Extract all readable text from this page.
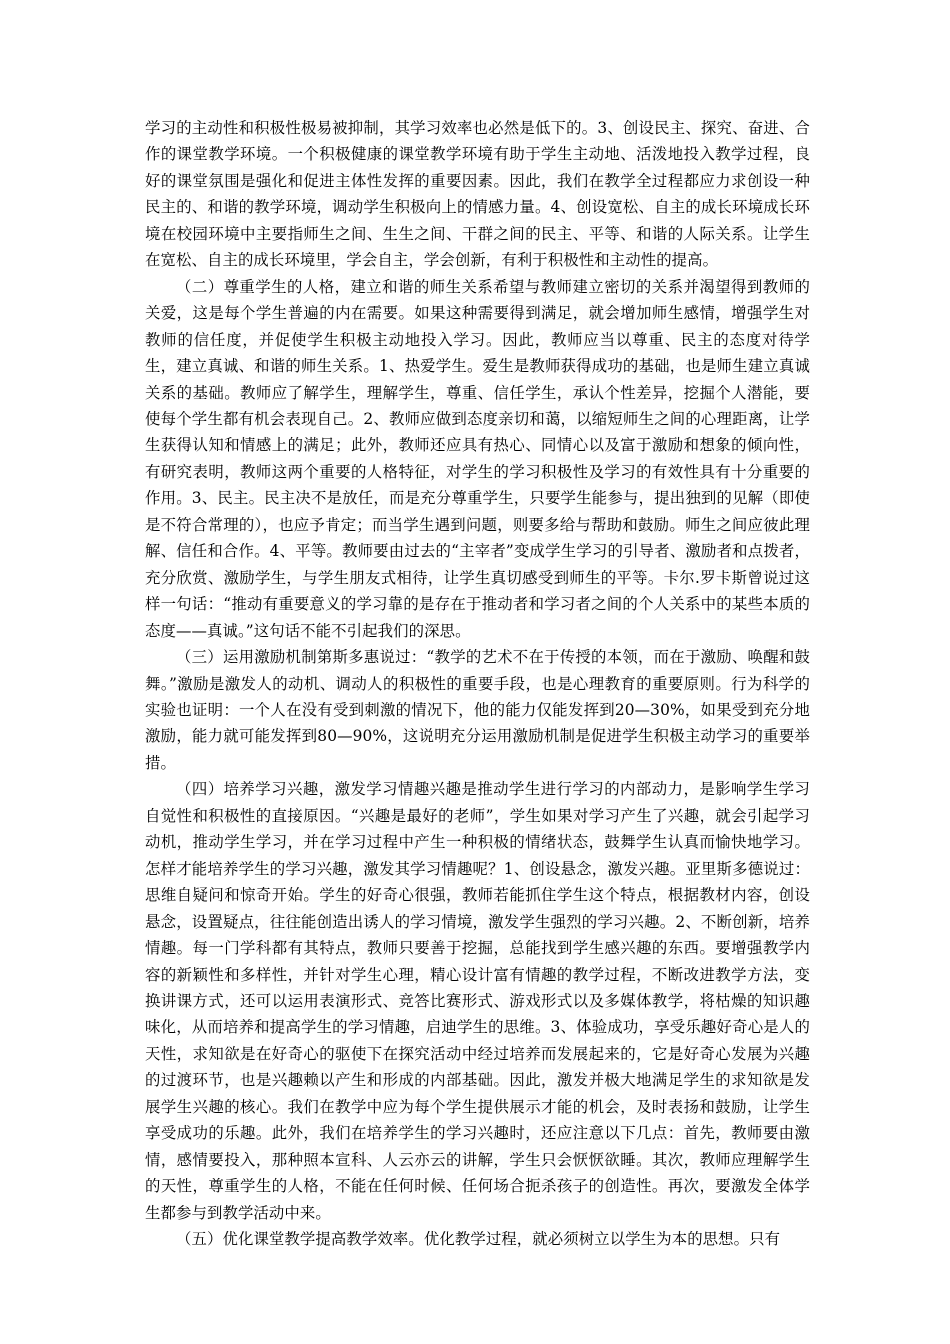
学习的主动性和积极性极易被抑制，其学习效率也必然是低下的。3、创设民主、探究、奋进、合作的课堂教学环境。一个积极健康的课堂教学环境有助于学生主动地、活泼地投入教学过程，良好的课堂氛围是强化和促进主体性发挥的重要因素。因此，我们在教学全过程都应力求创设一种民主的、和谐的教学环境，调动学生积极向上的情感力量。4、创设宽松、自主的成长环境成长环境在校园环境中主要指师生之间、生生之间、干群之间的民主、平等、和谐的人际关系。让学生在宽松、自主的成长环境里，学会自主，学会创新，有利于积极性和主动性的提高。

（二）尊重学生的人格，建立和谐的师生关系希望与教师建立密切的关系并渴望得到教师的关爱，这是每个学生普遍的内在需要。如果这种需要得到满足，就会增加师生感情，增强学生对教师的信任度，并促使学生积极主动地投入学习。因此，教师应当以尊重、民主的态度对待学生，建立真诚、和谐的师生关系。1、热爱学生。爱生是教师获得成功的基础，也是师生建立真诚关系的基础。教师应了解学生，理解学生，尊重、信任学生，承认个性差异，挖掘个人潜能，要使每个学生都有机会表现自己。2、教师应做到态度亲切和蔼，以缩短师生之间的心理距离，让学生获得认知和情感上的满足；此外，教师还应具有热心、同情心以及富于激励和想象的倾向性，有研究表明，教师这两个重要的人格特征，对学生的学习积极性及学习的有效性具有十分重要的作用。3、民主。民主决不是放任，而是充分尊重学生，只要学生能参与，提出独到的见解（即使是不符合常理的），也应予肯定；而当学生遇到问题，则要多给与帮助和鼓励。师生之间应彼此理解、信任和合作。4、平等。教师要由过去的“主宰者”变成学生学习的引导者、激励者和点拨者，充分欣赏、激励学生，与学生朋友式相待，让学生真切感受到师生的平等。卡尔.罗卡斯曾说过这样一句话：“推动有重要意义的学习靠的是存在于推动者和学习者之间的个人关系中的某些本质的态度——真诚。”这句话不能不引起我们的深思。

（三）运用激励机制第斯多惠说过：“教学的艺术不在于传授的本领，而在于激励、唤醒和鼓舞。”激励是激发人的动机、调动人的积极性的重要手段，也是心理教育的重要原则。行为科学的实验也证明：一个人在没有受到刺激的情况下，他的能力仅能发挥到20—30%，如果受到充分地激励，能力就可能发挥到80—90%，这说明充分运用激励机制是促进学生积极主动学习的重要举措。

（四）培养学习兴趣，激发学习情趣兴趣是推动学生进行学习的内部动力，是影响学生学习自觉性和积极性的直接原因。“兴趣是最好的老师”，学生如果对学习产生了兴趣，就会引起学习动机，推动学生学习，并在学习过程中产生一种积极的情绪状态，鼓舞学生认真而愉快地学习。怎样才能培养学生的学习兴趣，激发其学习情趣呢？1、创设悬念，激发兴趣。亚里斯多德说过：思维自疑问和惊奇开始。学生的好奇心很强，教师若能抓住学生这个特点，根据教材内容，创设悬念，设置疑点，往往能创造出诱人的学习情境，激发学生强烈的学习兴趣。2、不断创新，培养情趣。每一门学科都有其特点，教师只要善于挖掘，总能找到学生感兴趣的东西。要增强教学内容的新颖性和多样性，并针对学生心理，精心设计富有情趣的教学过程，不断改进教学方法，变换讲课方式，还可以运用表演形式、竞答比赛形式、游戏形式以及多媒体教学，将枯燥的知识趣味化，从而培养和提高学生的学习情趣，启迪学生的思维。3、体验成功，享受乐趣好奇心是人的天性，求知欲是在好奇心的驱使下在探究活动中经过培养而发展起来的，它是好奇心发展为兴趣的过渡环节，也是兴趣赖以产生和形成的内部基础。因此，激发并极大地满足学生的求知欲是发展学生兴趣的核心。我们在教学中应为每个学生提供展示才能的机会，及时表扬和鼓励，让学生享受成功的乐趣。此外，我们在培养学生的学习兴趣时，还应注意以下几点：首先，教师要由激情，感情要投入，那种照本宣科、人云亦云的讲解，学生只会恹恹欲睡。其次，教师应理解学生的天性，尊重学生的人格，不能在任何时候、任何场合扼杀孩子的创造性。再次，要激发全体学生都参与到教学活动中来。

（五）优化课堂教学提高教学效率。优化教学过程，就必须树立以学生为本的思想。只有
